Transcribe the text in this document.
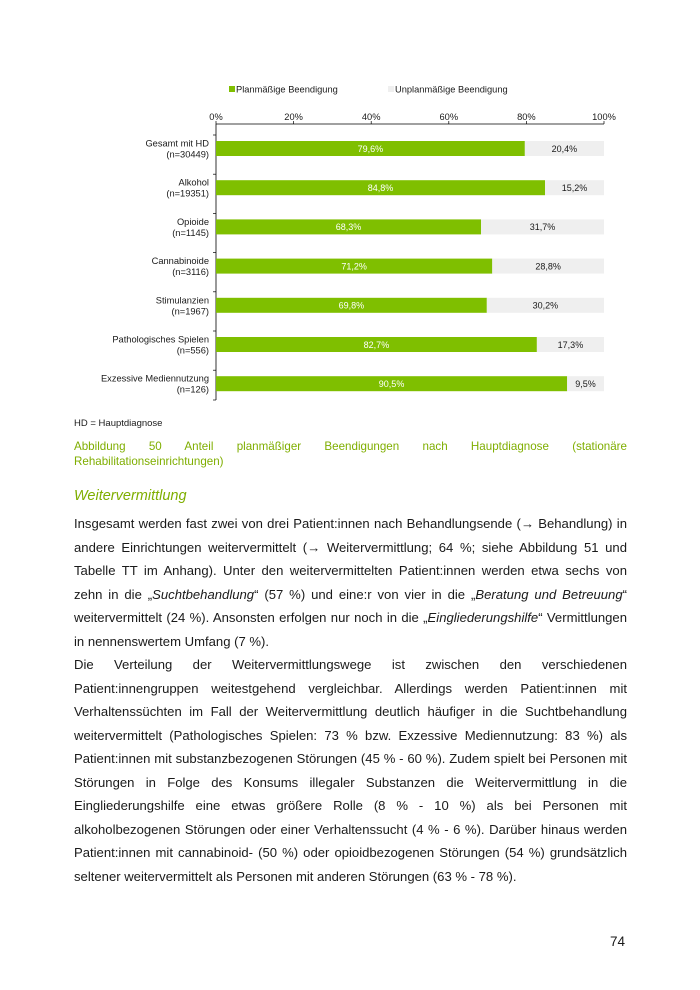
Planmäßige Beendigung	Unplanmäßige Beendigung
0%	20%	40%	60%	80%	100%
Gesamt mit HD
(n=30449)
79,6%	20,4%
Alkohol
(n=19351)
84,8%	15,2%
Opioide
(n=1145)
68,3%	31,7%
Cannabinoide
(n=3116)
71,2%	28,8%
Stimulanzien
(n=1967)
69,8%	30,2%
Pathologisches Spielen
(n=556)
82,7%	17,3%
Exzessive Mediennutzung
(n=126)
90,5%	9,5%
HD = Hauptdiagnose
Abbildung 50 Anteil planmäßiger Beendigungen nach Hauptdiagnose (stationäre
Rehabilitationseinrichtungen)
Weitervermittlung

Insgesamt werden fast zwei von drei Patient:innen nach Behandlungsende (→ Behandlung) in andere Einrichtungen weitervermittelt (→ Weitervermittlung; 64 %; siehe Abbildung 51 und Tabelle TT im Anhang). Unter den weitervermittelten Patient:innen werden etwa sechs von zehn in die „Suchtbehandlung“ (57 %) und eine:r von vier in die „Beratung und Betreuung“ weitervermittelt (24 %). Ansonsten erfolgen nur noch in die „Eingliederungshilfe“ Vermittlungen in nennenswertem Umfang (7 %).

Die Verteilung der Weitervermittlungswege ist zwischen den verschiedenen Patient:innengruppen weitestgehend vergleichbar. Allerdings werden Patient:innen mit Verhaltenssüchten im Fall der Weitervermittlung deutlich häufiger in die Suchtbehandlung weitervermittelt (Pathologisches Spielen: 73 % bzw. Exzessive Mediennutzung: 83 %) als Patient:innen mit substanzbezogenen Störungen (45 % - 60 %). Zudem spielt bei Personen mit Störungen in Folge des Konsums illegaler Substanzen die Weitervermittlung in die Eingliederungshilfe eine etwas größere Rolle (8 % - 10 %) als bei Personen mit alkoholbezogenen Störungen oder einer Verhaltenssucht (4 % - 6 %). Darüber hinaus werden Patient:innen mit cannabinoid- (50 %) oder opioidbezogenen Störungen (54 %) grundsätzlich seltener weitervermittelt als Personen mit anderen Störungen (63 % - 78 %).

74
